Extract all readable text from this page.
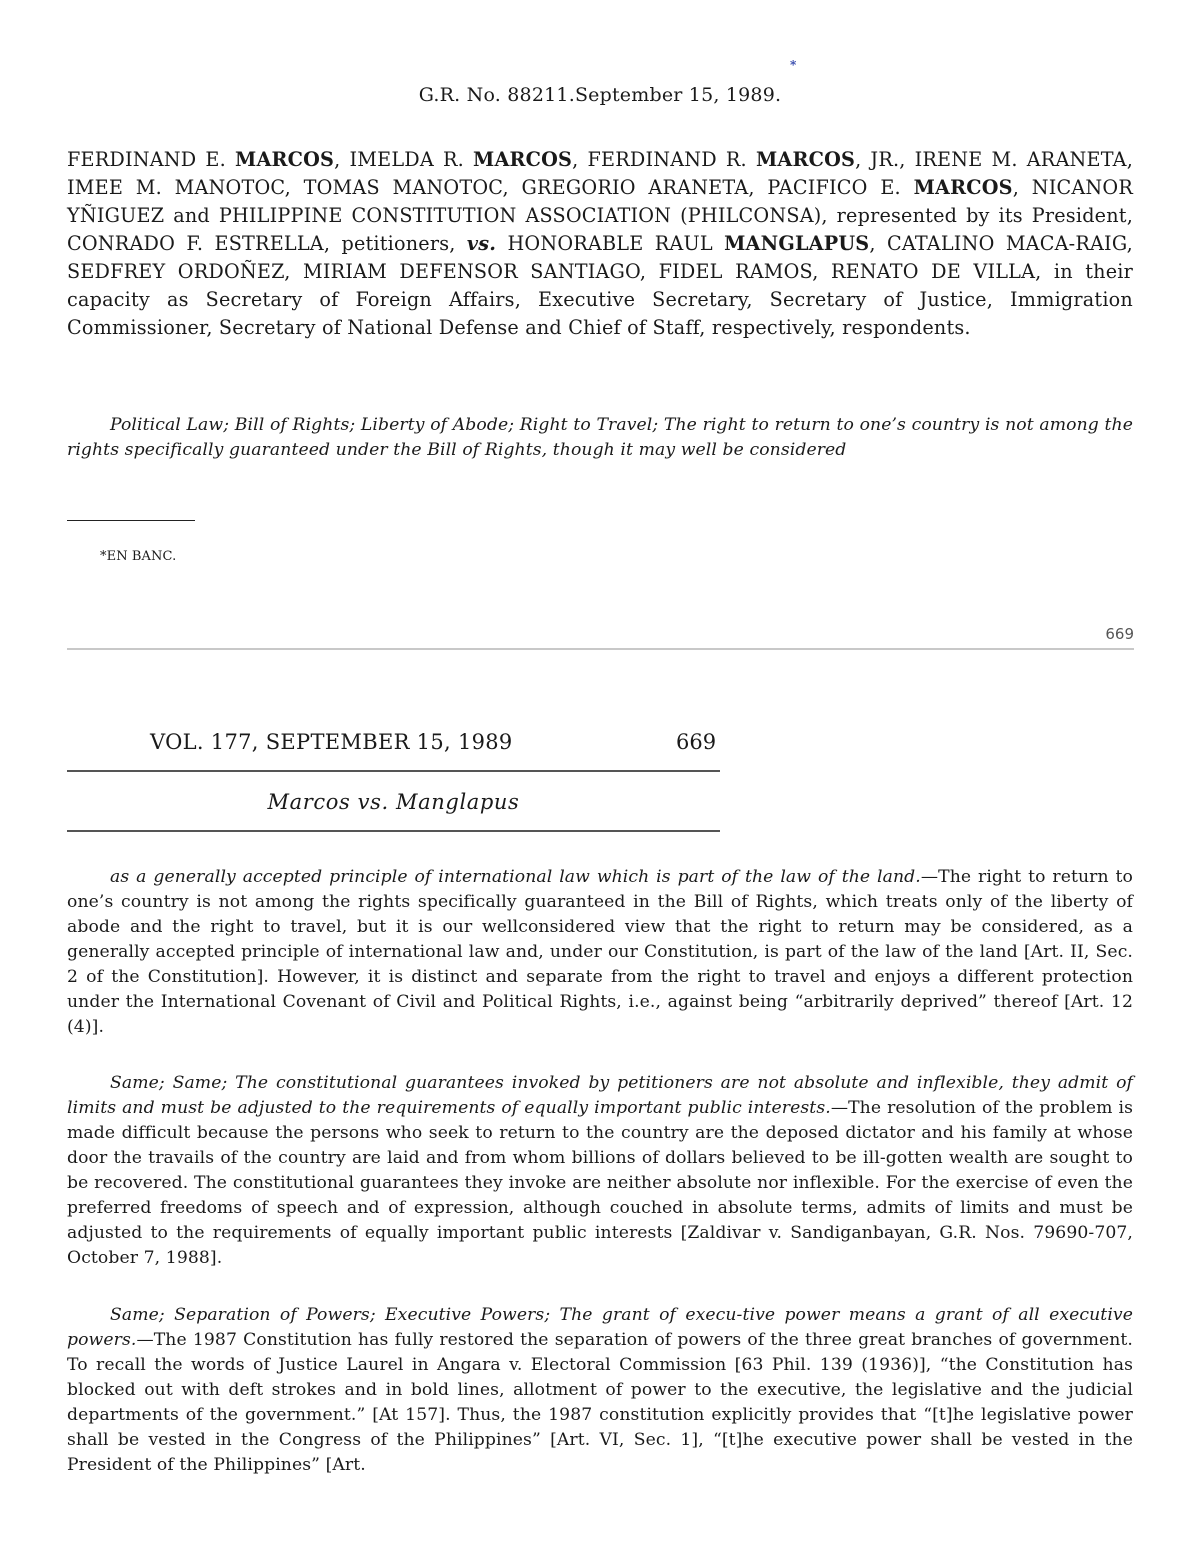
*
G.R. No. 88211.September 15, 1989.
FERDINAND E. MARCOS, IMELDA R. MARCOS, FERDINAND R. MARCOS, JR., IRENE M. ARANETA, IMEE M. MANOTOC, TOMAS MANOTOC, GREGORIO ARANETA, PACIFICO E. MARCOS, NICANOR YÑIGUEZ and PHILIPPINE CONSTITUTION ASSOCIATION (PHILCONSA), represented by its President, CONRADO F. ESTRELLA, petitioners, vs. HONORABLE RAUL MANGLAPUS, CATALINO MACA-RAIG, SEDFREY ORDOÑEZ, MIRIAM DEFENSOR SANTIAGO, FIDEL RAMOS, RENATO DE VILLA, in their capacity as Secretary of Foreign Affairs, Executive Secretary, Secretary of Justice, Immigration Commissioner, Secretary of National Defense and Chief of Staff, respectively, respondents.
Political Law; Bill of Rights; Liberty of Abode; Right to Travel; The right to return to one’s country is not among the rights specifically guaranteed under the Bill of Rights, though it may well be considered
*EN BANC.
669
VOL. 177, SEPTEMBER 15, 1989	669
Marcos vs. Manglapus
as a generally accepted principle of international law which is part of the law of the land.—The right to return to one’s country is not among the rights specifically guaranteed in the Bill of Rights, which treats only of the liberty of abode and the right to travel, but it is our wellconsidered view that the right to return may be considered, as a generally accepted principle of international law and, under our Constitution, is part of the law of the land [Art. II, Sec. 2 of the Constitution]. However, it is distinct and separate from the right to travel and enjoys a different protection under the International Covenant of Civil and Political Rights, i.e., against being “arbitrarily deprived” thereof [Art. 12 (4)].
Same; Same; The constitutional guarantees invoked by petitioners are not absolute and inflexible, they admit of limits and must be adjusted to the requirements of equally important public interests.—The resolution of the problem is made difficult because the persons who seek to return to the country are the deposed dictator and his family at whose door the travails of the country are laid and from whom billions of dollars believed to be ill-gotten wealth are sought to be recovered. The constitutional guarantees they invoke are neither absolute nor inflexible. For the exercise of even the preferred freedoms of speech and of expression, although couched in absolute terms, admits of limits and must be adjusted to the requirements of equally important public interests [Zaldivar v. Sandiganbayan, G.R. Nos. 79690-707, October 7, 1988].
Same; Separation of Powers; Executive Powers; The grant of execu-tive power means a grant of all executive powers.—The 1987 Constitution has fully restored the separation of powers of the three great branches of government. To recall the words of Justice Laurel in Angara v. Electoral Commission [63 Phil. 139 (1936)], “the Constitution has blocked out with deft strokes and in bold lines, allotment of power to the executive, the legislative and the judicial departments of the government.” [At 157]. Thus, the 1987 constitution explicitly provides that “[t]he legislative power shall be vested in the Congress of the Philippines” [Art. VI, Sec. 1], “[t]he executive power shall be vested in the President of the Philippines” [Art.
